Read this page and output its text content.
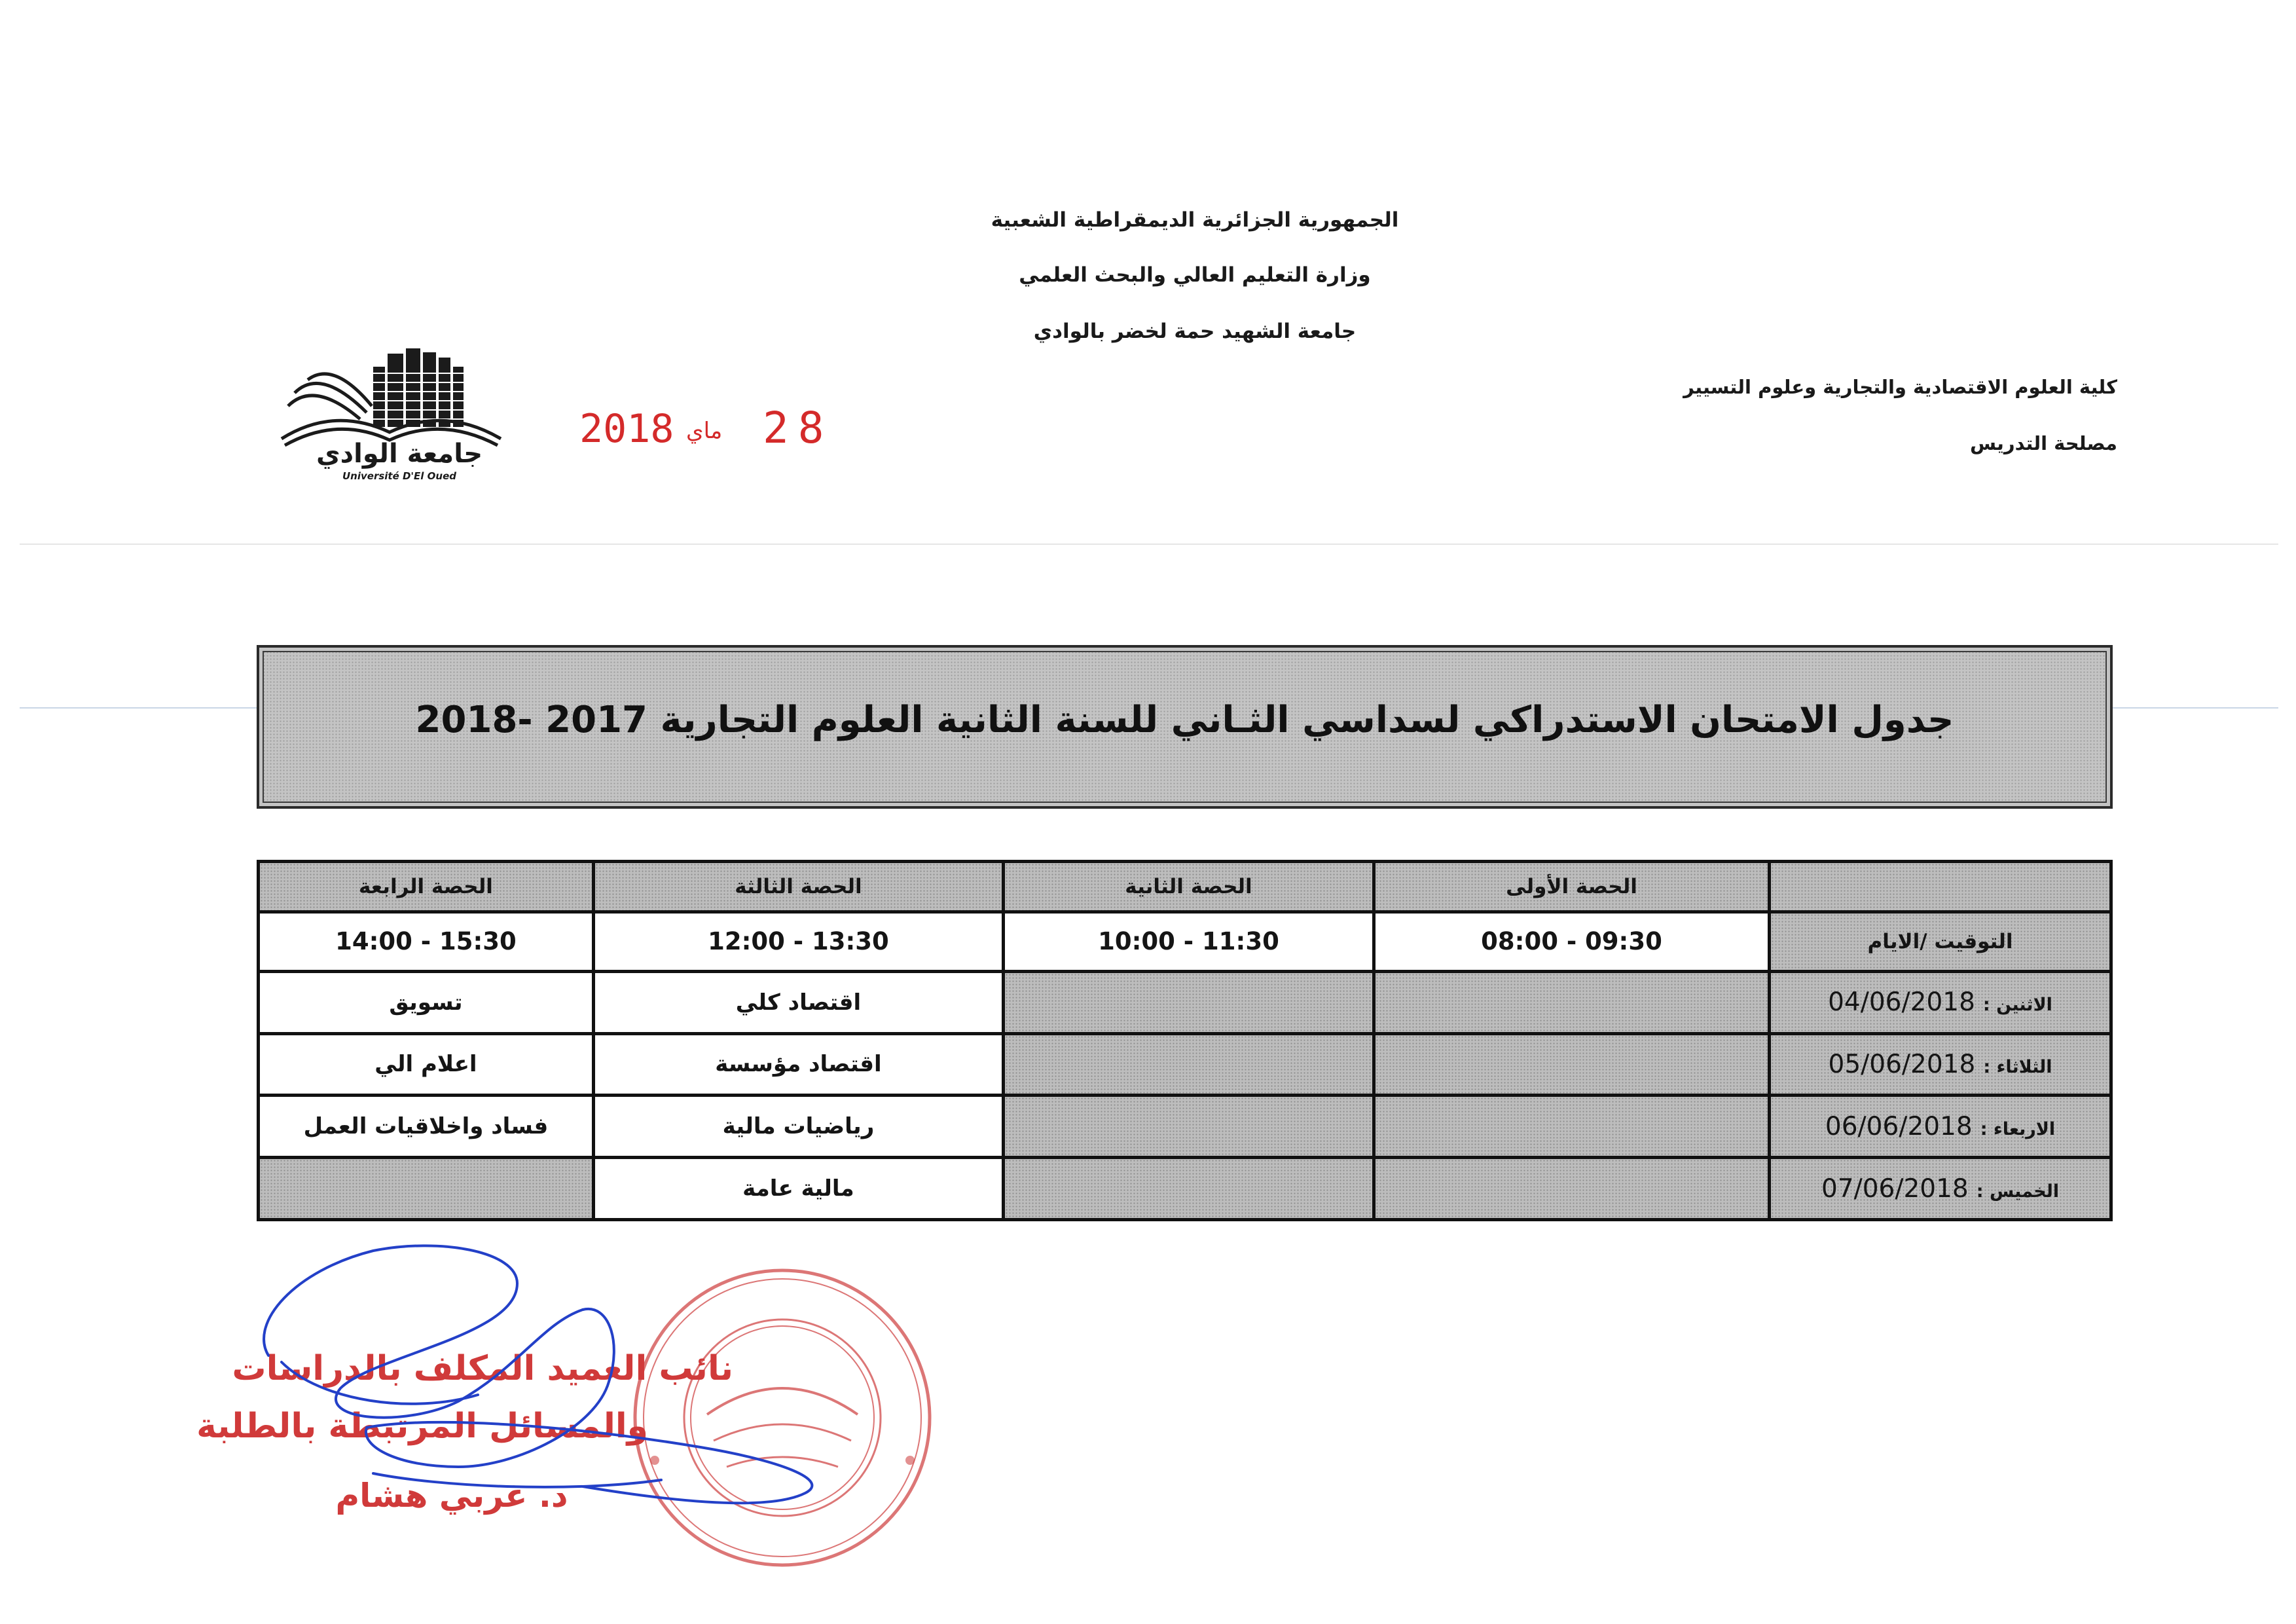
الجمهورية الجزائرية الديمقراطية الشعبية
وزارة التعليم العالي والبحث العلمي
جامعة الشهيد حمة لخضر بالوادي
كلية العلوم الاقتصادية والتجارية وعلوم التسيير
مصلحة التدريس
جامعة الوادي
Université D'El Oued
2018 ماي 28
جدول الامتحان الاستدراكي لسداسي الثـاني للسنة الثانية العلوم التجارية 2017 -2018
الحصة الرابعة	الحصة الثالثة	الحصة الثانية	الحصة الأولى	
14:00 - 15:30	12:00 - 13:30	10:00 - 11:30	08:00 - 09:30	التوقيت /الايام
تسويق	اقتصاد كلي			الاثنين :04/06/2018
اعلام الي	اقتصاد مؤسسة			الثلاثاء :05/06/2018
فساد واخلاقيات العمل	رياضيات مالية			الاربعاء :06/06/2018
	مالية عامة			الخميس :07/06/2018
نائب العميد المكلف بالدراسات
والمسائل المرتبطة بالطلبة
د. غربي هشام
